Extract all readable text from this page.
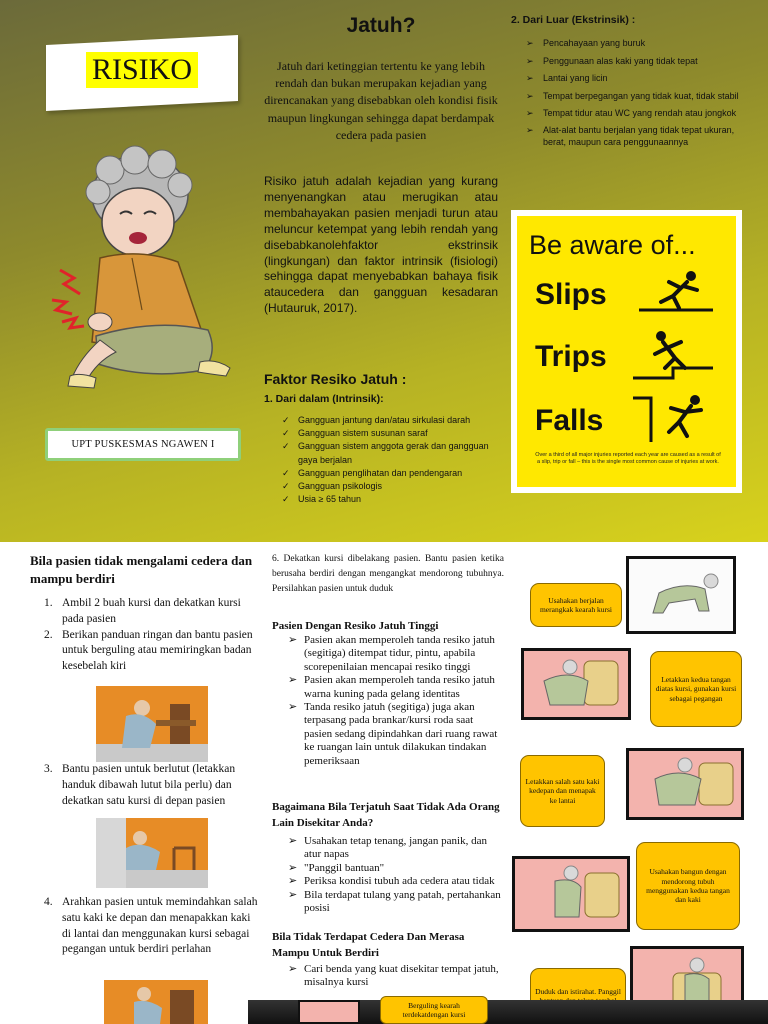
RISIKO
UPT PUSKESMAS NGAWEN I
Jatuh?
Jatuh dari ketinggian tertentu ke yang lebih rendah dan bukan merupakan kejadian yang direncanakan yang disebabkan oleh kondisi fisik maupun lingkungan sehingga dapat berdampak cedera pada pasien
Risiko jatuh adalah kejadian yang kurang menyenangkan atau merugikan atau membahayakan pasien menjadi turun atau meluncur ketempat yang lebih rendah yang disebabkanolehfaktor ekstrinsik (lingkungan) dan faktor intrinsik (fisiologi) sehingga dapat menyebabkan bahaya fisik ataucedera dan gangguan kesadaran (Hutauruk, 2017).
Faktor Resiko Jatuh :
1. Dari dalam (Intrinsik):
✓ Gangguan jantung dan/atau sirkulasi darah
✓ Gangguan sistem susunan saraf
✓ Gangguan sistem anggota gerak dan gangguan gaya berjalan
✓ Gangguan penglihatan dan pendengaran
✓ Gangguan psikologis
✓ Usia ≥ 65 tahun
2. Dari Luar (Ekstrinsik) :
➢ Pencahayaan yang buruk
➢ Penggunaan alas kaki yang tidak tepat
➢ Lantai yang licin
➢ Tempat berpegangan yang tidak kuat, tidak stabil
➢ Tempat tidur atau WC yang rendah atau jongkok
➢ Alat-alat bantu berjalan yang tidak tepat ukuran, berat, maupun cara penggunaannya
Be aware of...
Slips
Trips
Falls
Over a third of all major injuries reported each year are caused as a result of a slip, trip or fall – this is the single most common cause of injuries at work.
Bila pasien tidak mengalami cedera dan mampu berdiri
1. Ambil 2 buah kursi dan dekatkan kursi pada pasien
2. Berikan panduan ringan dan bantu pasien untuk berguling atau memiringkan badan kesebelah kiri
3. Bantu pasien untuk berlutut (letakkan handuk dibawah lutut bila perlu) dan dekatkan satu kursi di depan pasien
4. Arahkan pasien untuk memindahkan salah satu kaki ke depan dan menapakkan kaki di lantai dan menggunakan kursi sebagai pegangan untuk berdiri perlahan
6. Dekatkan kursi dibelakang pasien. Bantu pasien ketika berusaha berdiri dengan mengangkat mendorong tubuhnya. Persilahkan pasien untuk duduk
Pasien Dengan Resiko Jatuh Tinggi
➢ Pasien akan memperoleh tanda resiko jatuh (segitiga) ditempat tidur, pintu, apabila scorepenilaian mencapai resiko tinggi
➢ Pasien akan memperoleh tanda resiko jatuh warna kuning pada gelang identitas
➢ Tanda resiko jatuh (segitiga) juga akan terpasang pada brankar/kursi roda saat pasien sedang dipindahkan dari ruang rawat ke ruangan lain untuk dilakukan tindakan pemeriksaan
Bagaimana Bila Terjatuh Saat Tidak Ada Orang Lain Disekitar Anda?
➢ Usahakan tetap tenang, jangan panik, dan atur napas
➢ "Panggil bantuan"
➢ Periksa kondisi tubuh ada cedera atau tidak
➢ Bila terdapat tulang yang patah, pertahankan posisi
Bila Tidak Terdapat Cedera Dan Merasa Mampu Untuk Berdiri
➢ Cari benda yang kuat disekitar tempat jatuh, misalnya kursi
Usahakan berjalan merangkak kearah kursi
Letakkan kedua tangan diatas kursi, gunakan kursi sebagai pegangan
Letakkan salah satu kaki kedepan dan menapak ke lantai
Usahakan bangun dengan mendorong tubuh menggunakan kedua tangan dan kaki
Duduk dan istirahat. Panggil
Berguling kearah terdekatdengan kursi
